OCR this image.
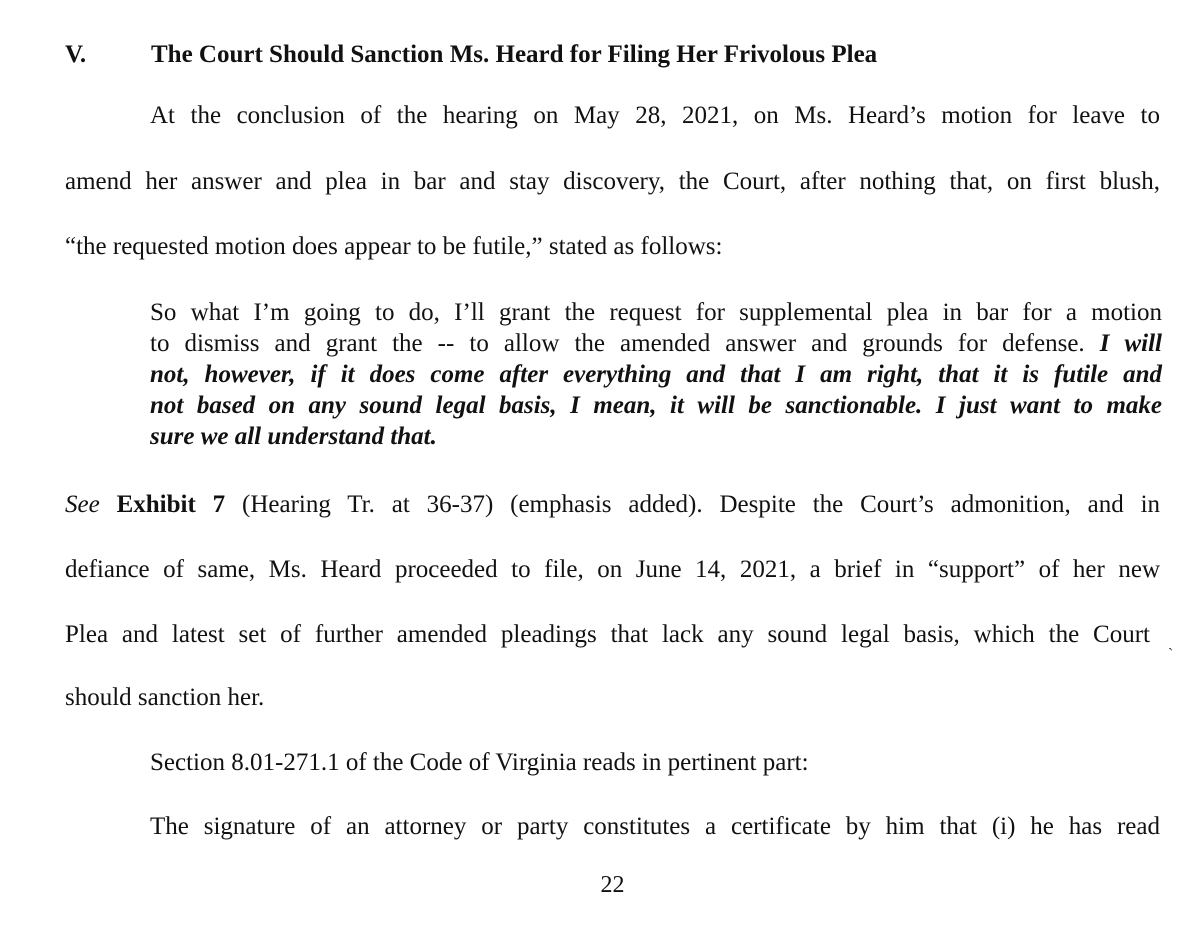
V.	The Court Should Sanction Ms. Heard for Filing Her Frivolous Plea
At the conclusion of the hearing on May 28, 2021, on Ms. Heard’s motion for leave to
amend her answer and plea in bar and stay discovery, the Court, after nothing that, on first blush,
“the requested motion does appear to be futile,” stated as follows:
So what I’m going to do, I’ll grant the request for supplemental plea in bar for a motion
to dismiss and grant the -- to allow the amended answer and grounds for defense. I will
not, however, if it does come after everything and that I am right, that it is futile and
not based on any sound legal basis, I mean, it will be sanctionable. I just want to make
sure we all understand that.
See Exhibit 7 (Hearing Tr. at 36-37) (emphasis added). Despite the Court’s admonition, and in
defiance of same, Ms. Heard proceeded to file, on June 14, 2021, a brief in “support” of her new
Plea and latest set of further amended pleadings that lack any sound legal basis, which the Court ˏ
should sanction her.
Section 8.01-271.1 of the Code of Virginia reads in pertinent part:
The signature of an attorney or party constitutes a certificate by him that (i) he has read
22
